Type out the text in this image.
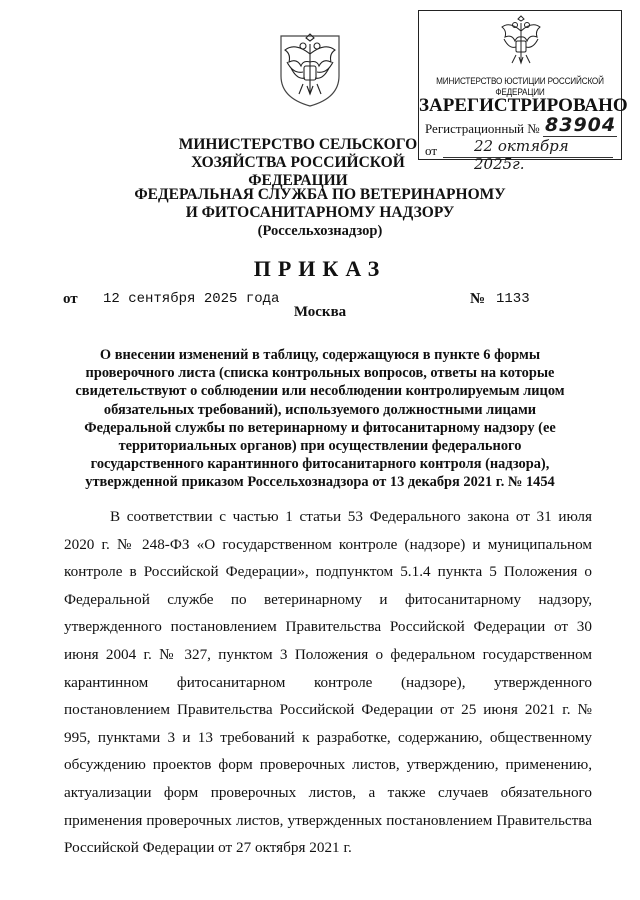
МИНИСТЕРСТВО ЮСТИЦИИ РОССИЙСКОЙ ФЕДЕРАЦИИ
ЗАРЕГИСТРИРОВАНО
Регистрационный № 83904
от 22 октября 2025г.
МИНИСТЕРСТВО СЕЛЬСКОГО ХОЗЯЙСТВА РОССИЙСКОЙ ФЕДЕРАЦИИ
ФЕДЕРАЛЬНАЯ СЛУЖБА ПО ВЕТЕРИНАРНОМУ
И ФИТОСАНИТАРНОМУ НАДЗОРУ
(Россельхознадзор)
ПРИКАЗ
от 12 сентября 2025 года	№ 1133
Москва
О внесении изменений в таблицу, содержащуюся в пункте 6 формы проверочного листа (списка контрольных вопросов, ответы на которые свидетельствуют о соблюдении или несоблюдении контролируемым лицом обязательных требований), используемого должностными лицами Федеральной службы по ветеринарному и фитосанитарному надзору (ее территориальных органов) при осуществлении федерального государственного карантинного фитосанитарного контроля (надзора), утвержденной приказом Россельхознадзора от 13 декабря 2021 г. № 1454
В соответствии с частью 1 статьи 53 Федерального закона от 31 июля 2020 г. № 248-ФЗ «О государственном контроле (надзоре) и муниципальном контроле в Российской Федерации», подпунктом 5.1.4 пункта 5 Положения о Федеральной службе по ветеринарному и фитосанитарному надзору, утвержденного постановлением Правительства Российской Федерации от 30 июня 2004 г. № 327, пунктом 3 Положения о федеральном государственном карантинном фитосанитарном контроле (надзоре), утвержденного постановлением Правительства Российской Федерации от 25 июня 2021 г. № 995, пунктами 3 и 13 требований к разработке, содержанию, общественному обсуждению проектов форм проверочных листов, утверждению, применению, актуализации форм проверочных листов, а также случаев обязательного применения проверочных листов, утвержденных постановлением Правительства Российской Федерации от 27 октября 2021 г.
